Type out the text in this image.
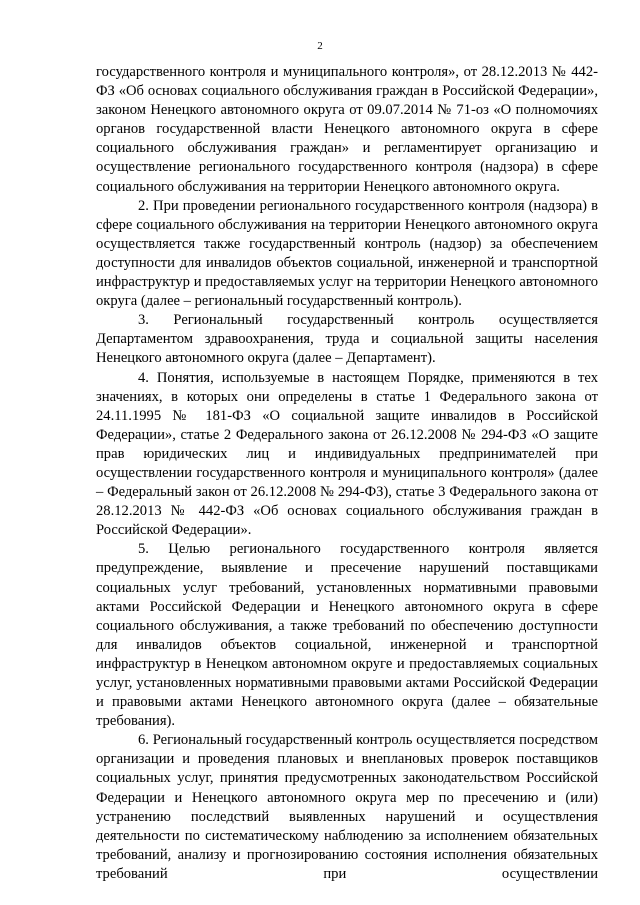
2

государственного контроля и муниципального контроля», от 28.12.2013 № 442-ФЗ «Об основах социального обслуживания граждан в Российской Федерации», законом Ненецкого автономного округа от 09.07.2014 № 71-оз «О полномочиях органов государственной власти Ненецкого автономного округа в сфере социального обслуживания граждан» и регламентирует организацию и осуществление регионального государственного контроля (надзора) в сфере социального обслуживания на территории Ненецкого автономного округа.

2. При проведении регионального государственного контроля (надзора) в сфере социального обслуживания на территории Ненецкого автономного округа осуществляется также государственный контроль (надзор) за обеспечением доступности для инвалидов объектов социальной, инженерной и транспортной инфраструктур и предоставляемых услуг на территории Ненецкого автономного округа (далее – региональный государственный контроль).

3. Региональный государственный контроль осуществляется Департаментом здравоохранения, труда и социальной защиты населения Ненецкого автономного округа (далее – Департамент).

4. Понятия, используемые в настоящем Порядке, применяются в тех значениях, в которых они определены в статье 1 Федерального закона от 24.11.1995 № 181-ФЗ «О социальной защите инвалидов в Российской Федерации», статье 2 Федерального закона от 26.12.2008 № 294-ФЗ «О защите прав юридических лиц и индивидуальных предпринимателей при осуществлении государственного контроля и муниципального контроля» (далее – Федеральный закон от 26.12.2008 № 294-ФЗ), статье 3 Федерального закона от 28.12.2013 № 442-ФЗ «Об основах социального обслуживания граждан в Российской Федерации».

5. Целью регионального государственного контроля является предупреждение, выявление и пресечение нарушений поставщиками социальных услуг требований, установленных нормативными правовыми актами Российской Федерации и Ненецкого автономного округа в сфере социального обслуживания, а также требований по обеспечению доступности для инвалидов объектов социальной, инженерной и транспортной инфраструктур в Ненецком автономном округе и предоставляемых социальных услуг, установленных нормативными правовыми актами Российской Федерации и правовыми актами Ненецкого автономного округа (далее – обязательные требования).

6. Региональный государственный контроль осуществляется посредством организации и проведения плановых и внеплановых проверок поставщиков социальных услуг, принятия предусмотренных законодательством Российской Федерации и Ненецкого автономного округа мер по пресечению и (или) устранению последствий выявленных нарушений и осуществления деятельности по систематическому наблюдению за исполнением обязательных требований, анализу и прогнозированию состояния исполнения обязательных требований при осуществлении
